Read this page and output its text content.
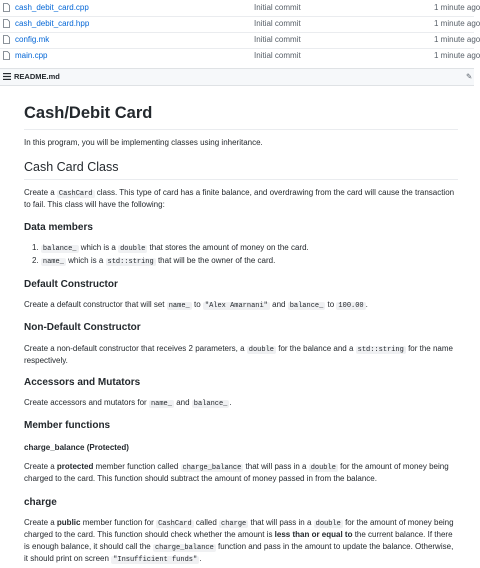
cash_debit_card.cpp	Initial commit	1 minute ago
cash_debit_card.hpp	Initial commit	1 minute ago
config.mk	Initial commit	1 minute ago
main.cpp	Initial commit	1 minute ago
README.md	✎
Cash/Debit Card
In this program, you will be implementing classes using inheritance.
Cash Card Class
Create a CashCard class. This type of card has a finite balance, and overdrawing from the card will cause the transaction
to fail. This class will have the following:
Data members
1. balance_ which is a double that stores the amount of money on the card.
2. name_ which is a std::string that will be the owner of the card.
Default Constructor
Create a default constructor that will set name_ to "Alex Amarnani" and balance_ to 100.00 .
Non-Default Constructor
Create a non-default constructor that receives 2 parameters, a double for the balance and a std::string for the name
respectively.
Accessors and Mutators
Create accessors and mutators for name_ and balance_ .
Member functions
charge_balance (Protected)
Create a protected member function called charge_balance that will pass in a double for the amount of money being
charged to the card. This function should subtract the amount of money passed in from the balance.
charge
Create a public member function for CashCard called charge that will pass in a double for the amount of money being
charged to the card. This function should check whether the amount is less than or equal to the current balance. If there
is enough balance, it should call the charge_balance function and pass in the amount to update the balance. Otherwise,
it should print on screen "Insufficient funds" .
